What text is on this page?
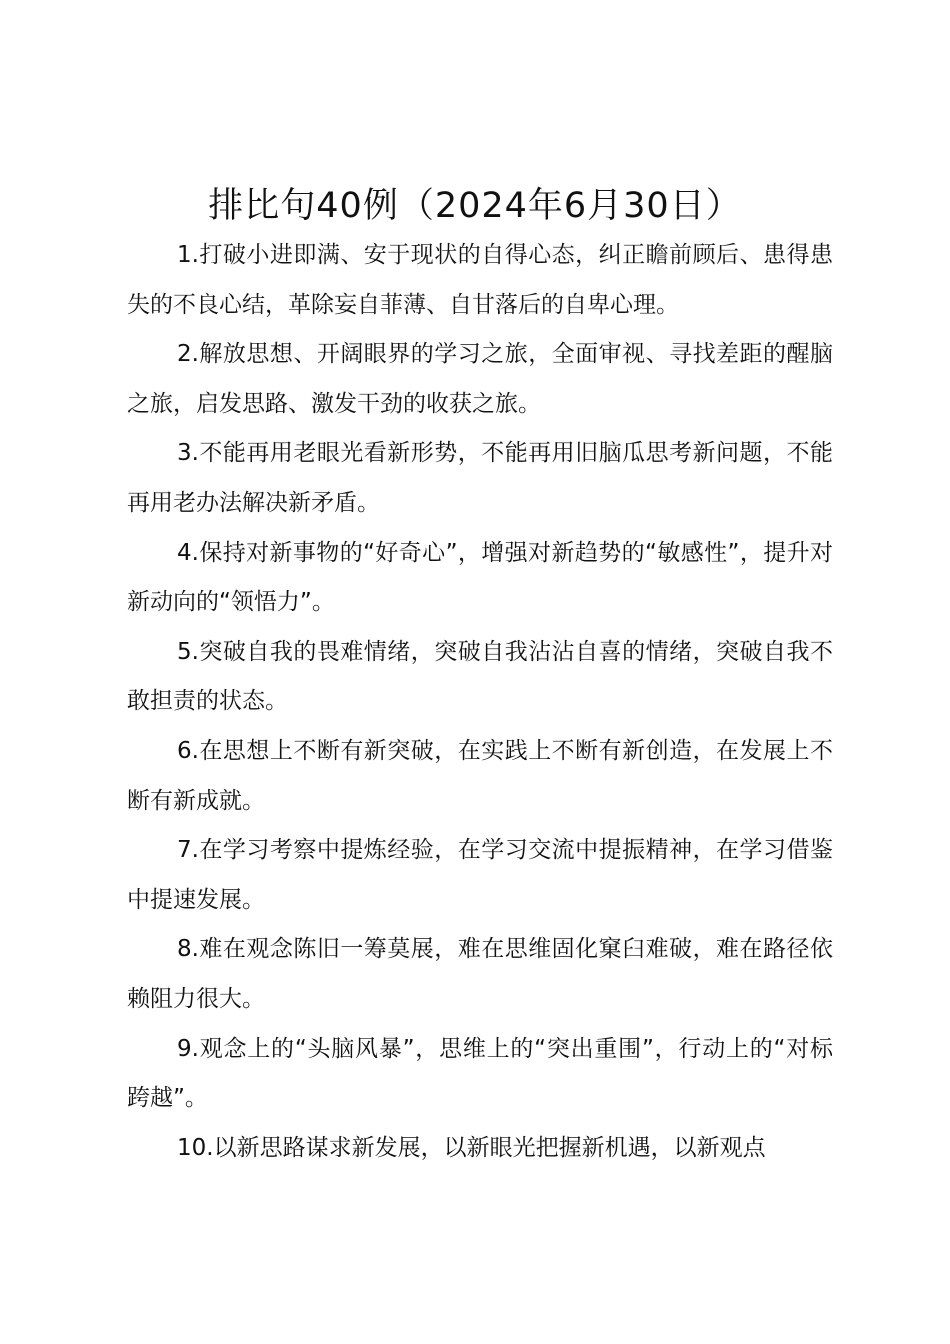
排比句40例（2024年6月30日）

1.打破小进即满、安于现状的自得心态，纠正瞻前顾后、患得患失的不良心结，革除妄自菲薄、自甘落后的自卑心理。

2.解放思想、开阔眼界的学习之旅，全面审视、寻找差距的醒脑之旅，启发思路、激发干劲的收获之旅。

3.不能再用老眼光看新形势，不能再用旧脑瓜思考新问题，不能再用老办法解决新矛盾。

4.保持对新事物的“好奇心”，增强对新趋势的“敏感性”，提升对新动向的“领悟力”。

5.突破自我的畏难情绪，突破自我沾沾自喜的情绪，突破自我不敢担责的状态。

6.在思想上不断有新突破，在实践上不断有新创造，在发展上不断有新成就。

7.在学习考察中提炼经验，在学习交流中提振精神，在学习借鉴中提速发展。

8.难在观念陈旧一筹莫展，难在思维固化窠臼难破，难在路径依赖阻力很大。

9.观念上的“头脑风暴”，思维上的“突出重围”，行动上的“对标跨越”。

10.以新思路谋求新发展，以新眼光把握新机遇，以新观点
